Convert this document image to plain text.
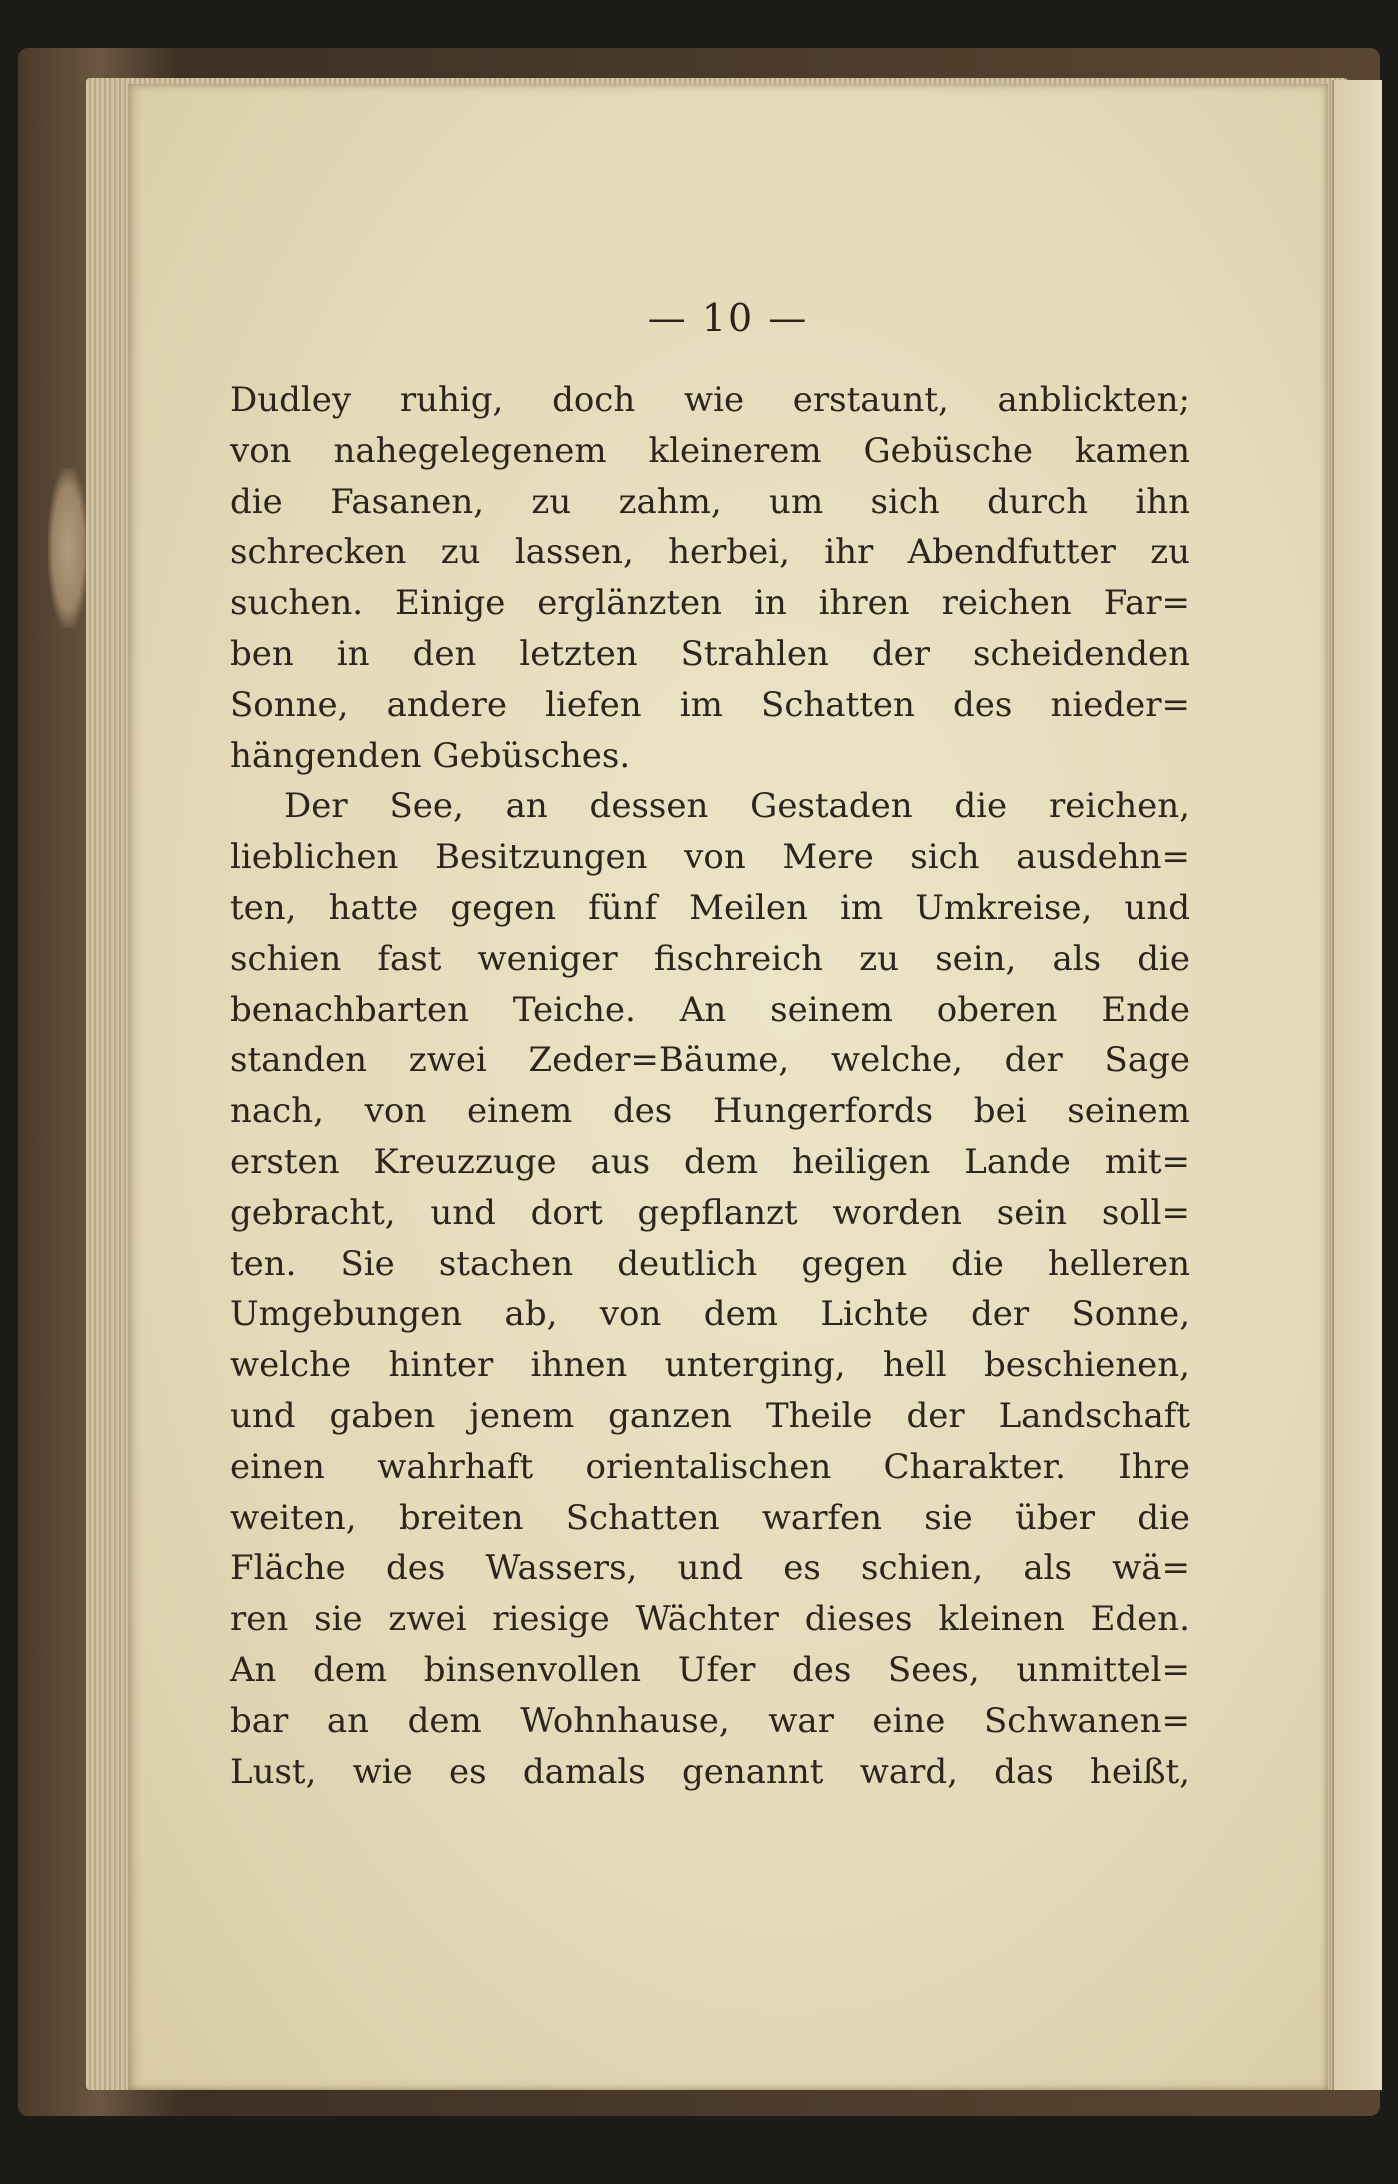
— 10 —
Dudley ruhig, doch wie erstaunt, anblickten;
von nahegelegenem kleinerem Gebüsche kamen
die Fasanen, zu zahm, um sich durch ihn
schrecken zu lassen, herbei, ihr Abendfutter zu
suchen. Einige erglänzten in ihren reichen Far=
ben in den letzten Strahlen der scheidenden
Sonne, andere liefen im Schatten des nieder=
hängenden Gebüsches.
Der See, an dessen Gestaden die reichen,
lieblichen Besitzungen von Mere sich ausdehn=
ten, hatte gegen fünf Meilen im Umkreise, und
schien fast weniger fischreich zu sein, als die
benachbarten Teiche. An seinem oberen Ende
standen zwei Zeder=Bäume, welche, der Sage
nach, von einem des Hungerfords bei seinem
ersten Kreuzzuge aus dem heiligen Lande mit=
gebracht, und dort gepflanzt worden sein soll=
ten. Sie stachen deutlich gegen die helleren
Umgebungen ab, von dem Lichte der Sonne,
welche hinter ihnen unterging, hell beschienen,
und gaben jenem ganzen Theile der Landschaft
einen wahrhaft orientalischen Charakter. Ihre
weiten, breiten Schatten warfen sie über die
Fläche des Wassers, und es schien, als wä=
ren sie zwei riesige Wächter dieses kleinen Eden.
An dem binsenvollen Ufer des Sees, unmittel=
bar an dem Wohnhause, war eine Schwanen=
Lust, wie es damals genannt ward, das heißt,
